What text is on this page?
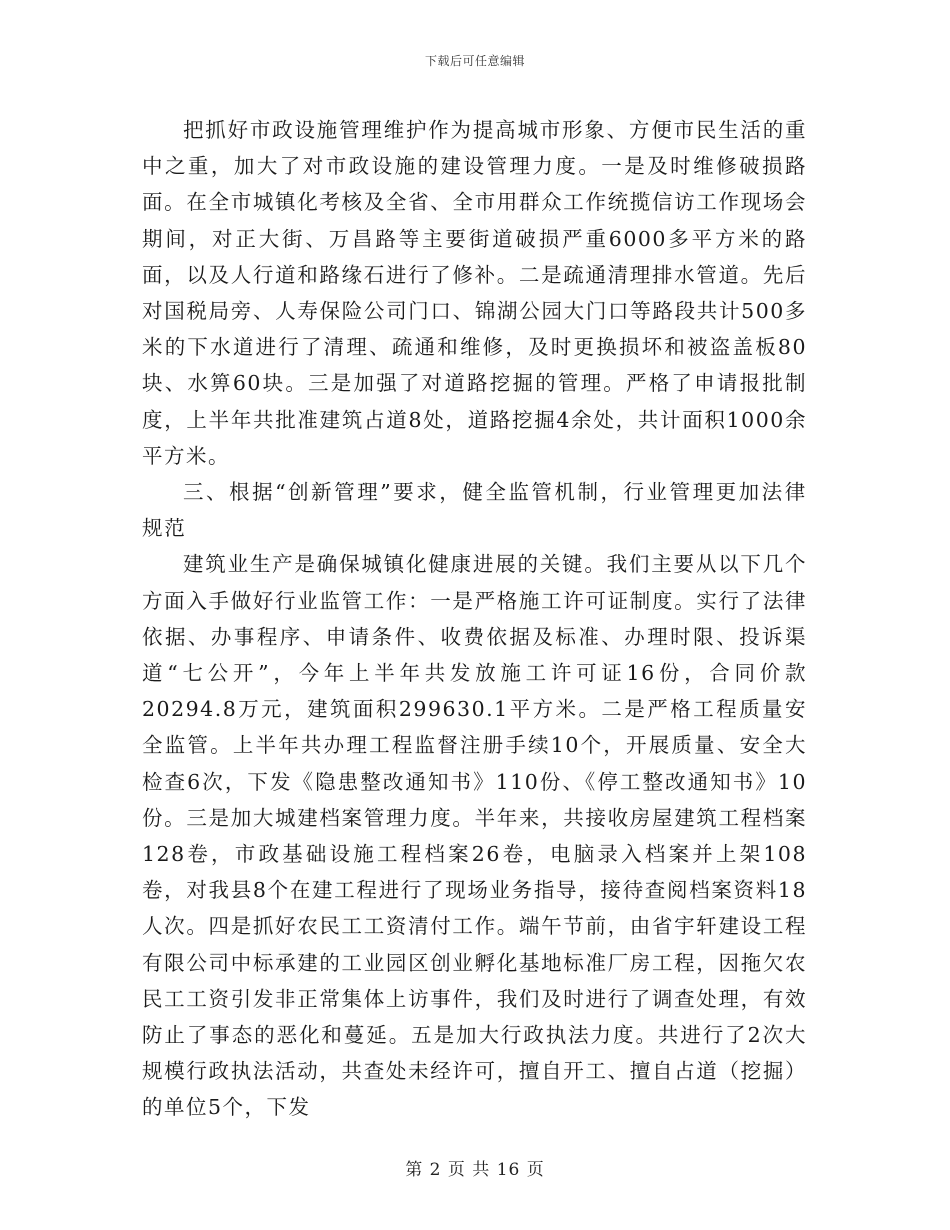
下载后可任意编辑

把抓好市政设施管理维护作为提高城市形象、方便市民生活的重中之重，加大了对市政设施的建设管理力度。一是及时维修破损路面。在全市城镇化考核及全省、全市用群众工作统揽信访工作现场会期间，对正大街、万昌路等主要街道破损严重6000多平方米的路面，以及人行道和路缘石进行了修补。二是疏通清理排水管道。先后对国税局旁、人寿保险公司门口、锦湖公园大门口等路段共计500多米的下水道进行了清理、疏通和维修，及时更换损坏和被盗盖板80块、水箅60块。三是加强了对道路挖掘的管理。严格了申请报批制度，上半年共批准建筑占道8处，道路挖掘4余处，共计面积1000余平方米。

三、根据“创新管理”要求，健全监管机制，行业管理更加法律规范

建筑业生产是确保城镇化健康进展的关键。我们主要从以下几个方面入手做好行业监管工作：一是严格施工许可证制度。实行了法律依据、办事程序、申请条件、收费依据及标准、办理时限、投诉渠道“七公开”，今年上半年共发放施工许可证16份，合同价款20294.8万元，建筑面积299630.1平方米。二是严格工程质量安全监管。上半年共办理工程监督注册手续10个，开展质量、安全大检查6次，下发《隐患整改通知书》110份、《停工整改通知书》10份。三是加大城建档案管理力度。半年来，共接收房屋建筑工程档案128卷，市政基础设施工程档案26卷，电脑录入档案并上架108卷，对我县8个在建工程进行了现场业务指导，接待查阅档案资料18人次。四是抓好农民工工资清付工作。端午节前，由省宇轩建设工程有限公司中标承建的工业园区创业孵化基地标准厂房工程，因拖欠农民工工资引发非正常集体上访事件，我们及时进行了调查处理，有效防止了事态的恶化和蔓延。五是加大行政执法力度。共进行了2次大规模行政执法活动，共查处未经许可，擅自开工、擅自占道（挖掘）的单位5个，下发

第 2 页 共 16 页
